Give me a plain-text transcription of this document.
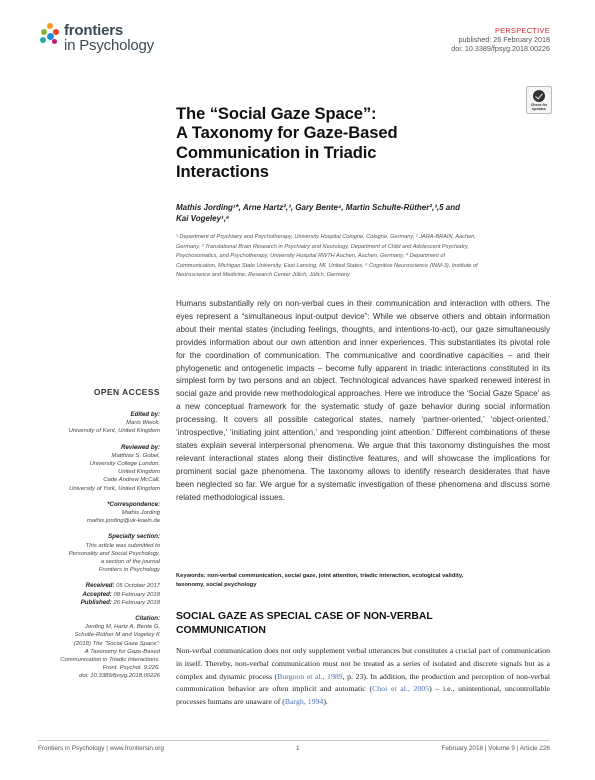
frontiers
in Psychology
PERSPECTIVE
published: 26 February 2018
doi: 10.3389/fpsyg.2018.00226
Check for
updates
The “Social Gaze Space”:
A Taxonomy for Gaze-Based
Communication in Triadic
Interactions
Mathis Jording¹*, Arne Hartz²,³, Gary Bente⁴, Martin Schulte-Rüther²,³,5 and
Kai Vogeley¹,⁶
¹ Department of Psychiatry and Psychotherapy, University Hospital Cologne, Cologne, Germany, ² JARA-BRAIN, Aachen,
Germany, ³ Translational Brain Research in Psychiatry and Neurology, Department of Child and Adolescent Psychiatry,
Psychosomatics, and Psychotherapy, University Hospital RWTH Aachen, Aachen, Germany, ⁴ Department of
Communication, Michigan State University, East Lansing, MI, United States, ⁵ Cognitive Neuroscience (INM-3), Institute of
Neuroscience and Medicine, Research Center Jülich, Jülich, Germany
Humans substantially rely on non-verbal cues in their communication and interaction with others. The eyes represent a “simultaneous input-output device”: While we observe others and obtain information about their mental states (including feelings, thoughts, and intentions-to-act), our gaze simultaneously provides information about our own attention and inner experiences. This substantiates its pivotal role for the coordination of communication. The communicative and coordinative capacities – and their phylogenetic and ontogenetic impacts – become fully apparent in triadic interactions constituted in its simplest form by two persons and an object. Technological advances have sparked renewed interest in social gaze and provide new methodological approaches. Here we introduce the ‘Social Gaze Space’ as a new conceptual framework for the systematic study of gaze behavior during social information processing. It covers all possible categorical states, namely ‘partner-oriented,’ ‘object-oriented,’ ‘introspective,’ ‘initiating joint attention,’ and ‘responding joint attention.’ Different combinations of these states explain several interpersonal phenomena. We argue that this taxonomy distinguishes the most relevant interactional states along their distinctive features, and will showcase the implications for prominent social gaze phenomena. The taxonomy allows to identify research desiderates that have been neglected so far. We argue for a systematic investigation of these phenomena and discuss some related methodological issues.
Keywords: non-verbal communication, social gaze, joint attention, triadic interaction, ecological validity,
taxonomy, social psychology
SOCIAL GAZE AS SPECIAL CASE OF NON-VERBAL
COMMUNICATION
Non-verbal communication does not only supplement verbal utterances but constitutes a crucial part of communication in itself. Thereby, non-verbal communication must not be treated as a series of isolated and discrete signals but as a complex and dynamic process (Burgoon et al., 1989, p. 23). In addition, the production and perception of non-verbal communication behavior are often implicit and automatic (Choi et al., 2005) – i.e., unintentional, uncontrollable processes humans are unaware of (Bargh, 1994).
OPEN ACCESS
Edited by:
Mario Weick,
University of Kent, United Kingdom
Reviewed by:
Matthias S. Gobel,
University College London,
United Kingdom
Cade Andrew McCall,
University of York, United Kingdom
*Correspondence:
Mathis Jording
mathis.jording@uk-koeln.de
Specialty section:
This article was submitted to
Personality and Social Psychology,
a section of the journal
Frontiers in Psychology
Received: 05 October 2017
Accepted: 08 February 2018
Published: 26 February 2018
Citation:
Jording M, Hartz A, Bente G,
Schulte-Rüther M and Vogeley K
(2018) The “Social Gaze Space”:
A Taxonomy for Gaze-Based
Communication in Triadic Interactions.
Front. Psychol. 9:226.
doi: 10.3389/fpsyg.2018.00226
Frontiers in Psychology | www.frontiersin.org	1	February 2018 | Volume 9 | Article 226
